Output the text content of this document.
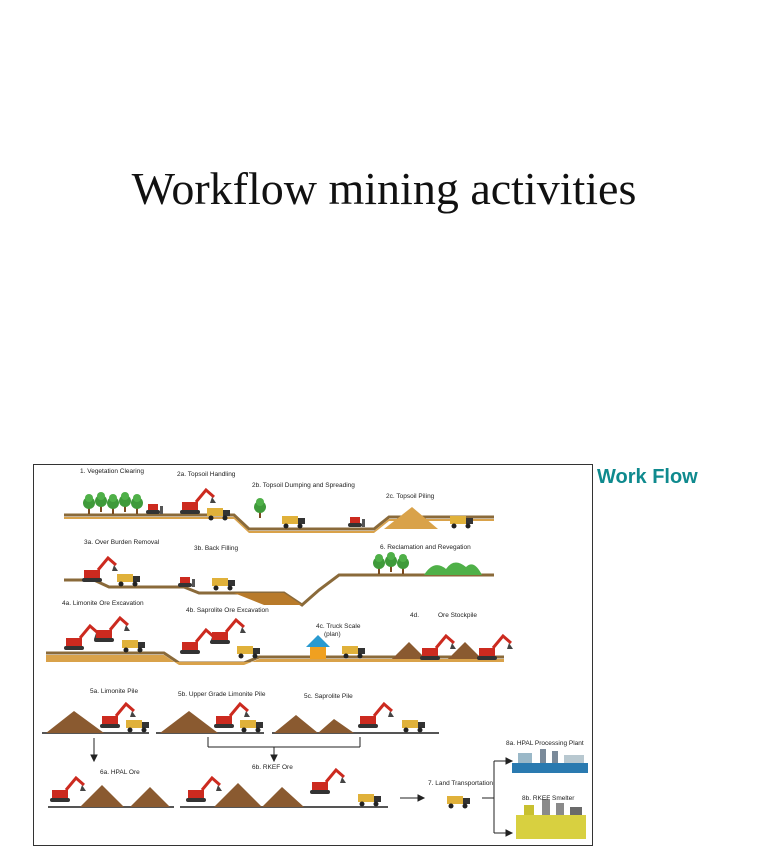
Workflow mining activities
Work Flow
1. Vegetation Clearing	2a. Topsoil Handling
2b. Topsoil Dumping and Spreading
2c. Topsoil Piling
3a. Over Burden Removal
3b. Back Filling	6. Reclamation and Revegation
4a. Limonite Ore Excavation
4b. Saprolite Ore Excavation
4c. Truck Scale
(plan)
4d.	Ore Stockpile
5a. Limonite Pile	5b. Upper Grade Limonite Pile	5c. Saprolite Pile
6a. HPAL Ore
6b. RKEF Ore
7. Land Transportation
8a. HPAL Processing Plant
8b. RKEF Smelter
